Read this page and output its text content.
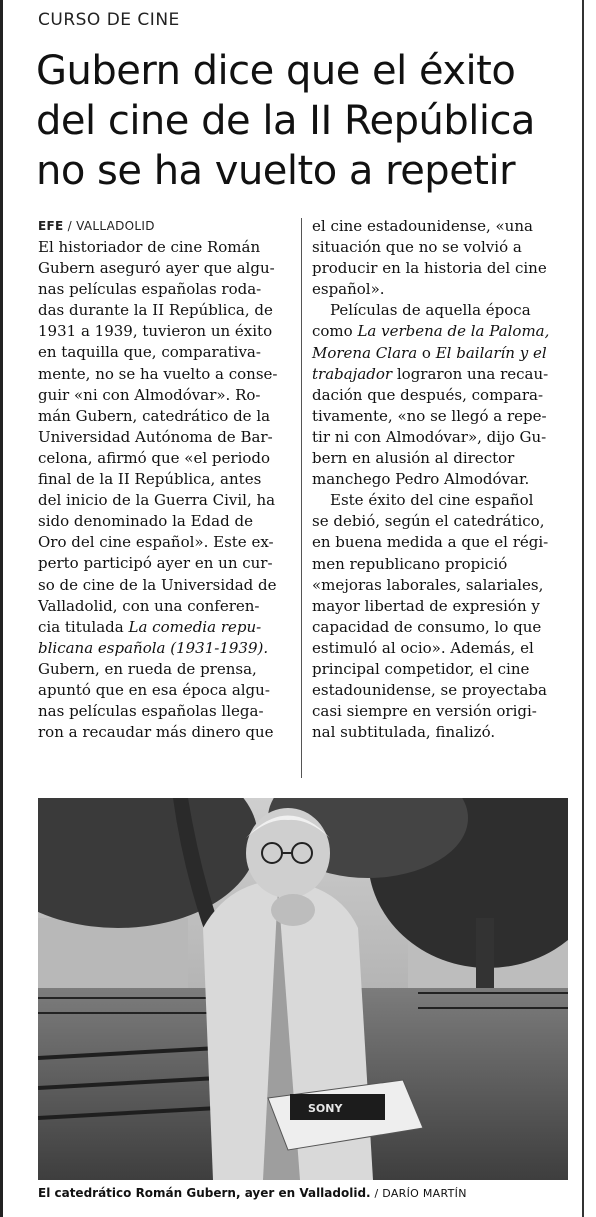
CURSO DE CINE
Gubern dice que el éxito
del cine de la II República
no se ha vuelto a repetir
EFE / VALLADOLID
El historiador de cine Román
Gubern aseguró ayer que algu-
nas películas españolas roda-
das durante la II República, de
1931 a 1939, tuvieron un éxito
en taquilla que, comparativa-
mente, no se ha vuelto a conse-
guir «ni con Almodóvar». Ro-
mán Gubern, catedrático de la
Universidad Autónoma de Bar-
celona, afirmó que «el periodo
final de la II República, antes
del inicio de la Guerra Civil, ha
sido denominado la Edad de
Oro del cine español». Este ex-
perto participó ayer en un cur-
so de cine de la Universidad de
Valladolid, con una conferen-
cia titulada La comedia repu-
blicana española (1931-1939).
Gubern, en rueda de prensa,
apuntó que en esa época algu-
nas películas españolas llega-
ron a recaudar más dinero que
el cine estadounidense, «una
situación que no se volvió a
producir en la historia del cine
español».
Películas de aquella época
como La verbena de la Paloma,
Morena Clara o El bailarín y el
trabajador lograron una recau-
dación que después, compara-
tivamente, «no se llegó a repe-
tir ni con Almodóvar», dijo Gu-
bern en alusión al director
manchego Pedro Almodóvar.
Este éxito del cine español
se debió, según el catedrático,
en buena medida a que el régi-
men republicano propició
«mejoras laborales, salariales,
mayor libertad de expresión y
capacidad de consumo, lo que
estimuló al ocio». Además, el
principal competidor, el cine
estadounidense, se proyectaba
casi siempre en versión origi-
nal subtitulada, finalizó.
SONY
El catedrático Román Gubern, ayer en Valladolid. / DARÍO MARTÍN
